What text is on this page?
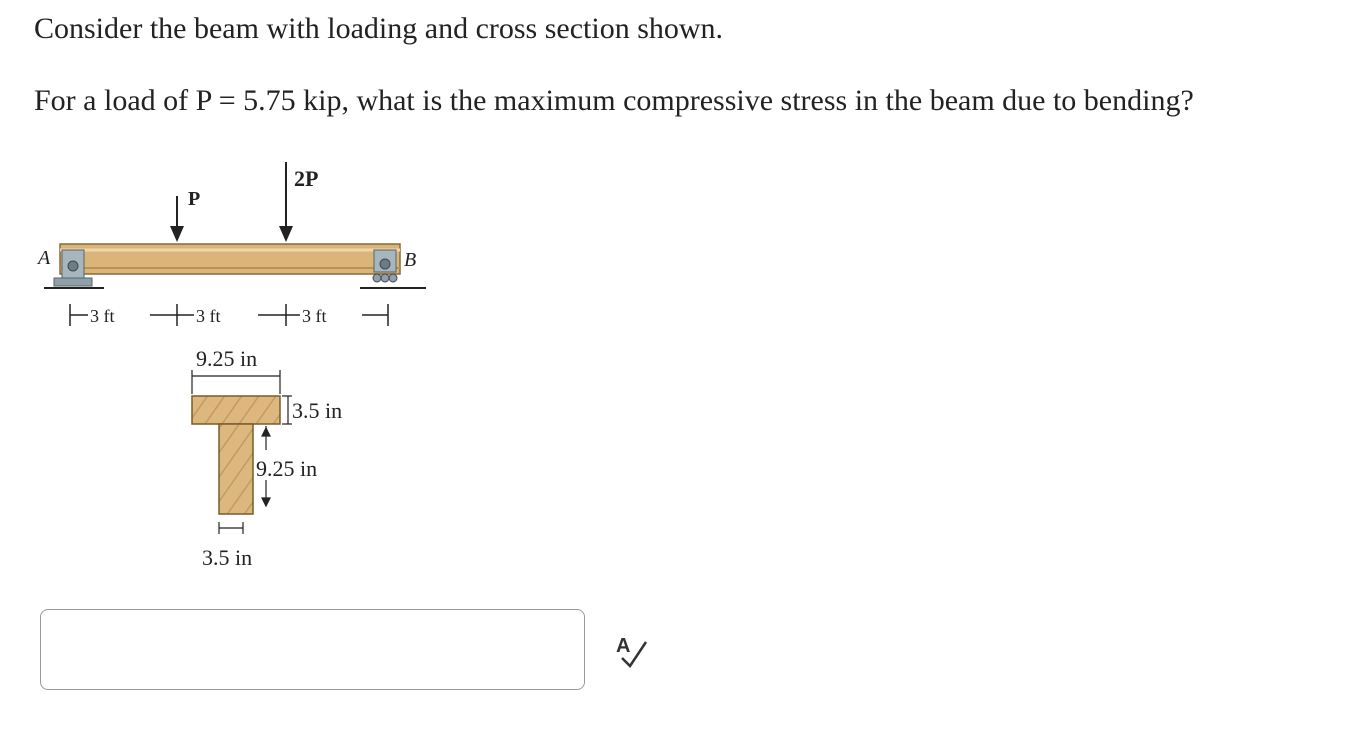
Consider the beam with loading and cross section shown.
For a load of P = 5.75 kip, what is the maximum compressive stress in the beam due to bending?
P
2P
A	B
3 ft	3 ft	3 ft
9.25 in
3.5 in
9.25 in
3.5 in
A
